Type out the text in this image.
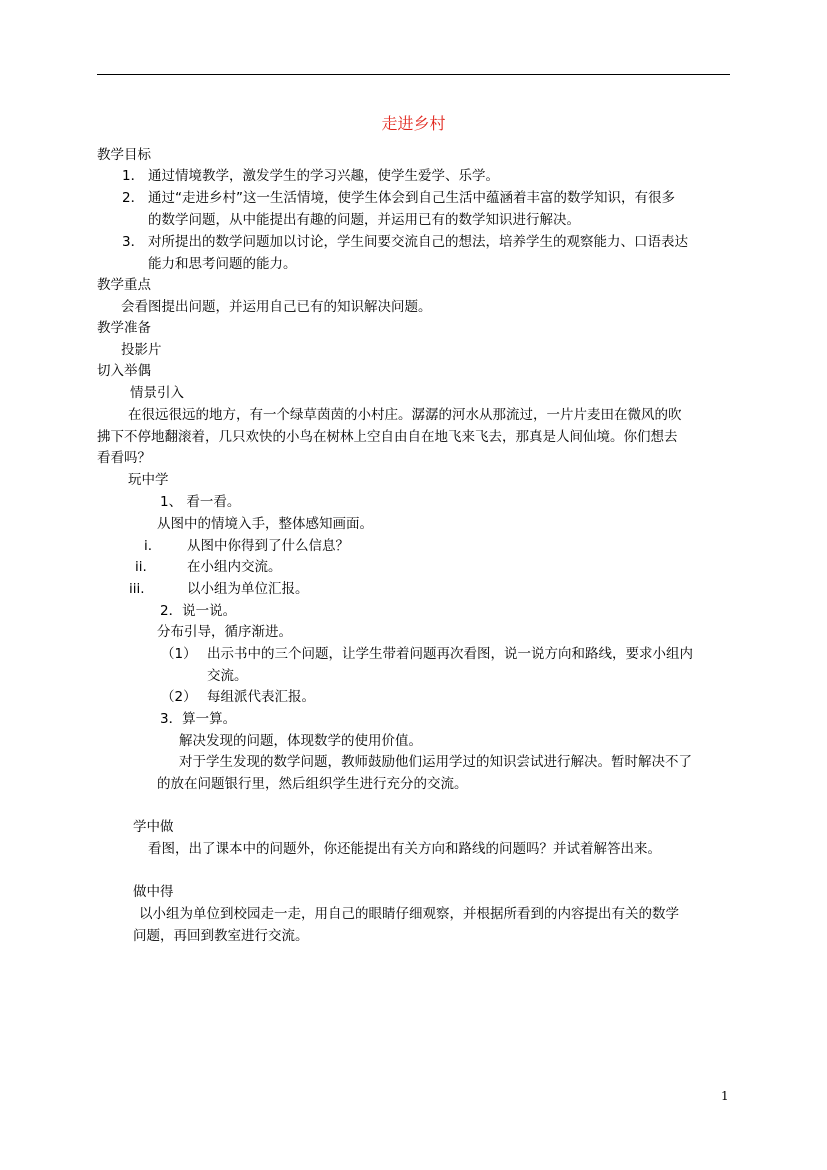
走进乡村
教学目标
1． 通过情境教学，激发学生的学习兴趣，使学生爱学、乐学。
2． 通过“走进乡村”这一生活情境，使学生体会到自己生活中蕴涵着丰富的数学知识，有很多
的数学问题，从中能提出有趣的问题，并运用已有的数学知识进行解决。
3． 对所提出的数学问题加以讨论，学生间要交流自己的想法，培养学生的观察能力、口语表达
能力和思考问题的能力。
教学重点
会看图提出问题，并运用自己已有的知识解决问题。
教学准备
投影片
切入举偶
情景引入
在很远很远的地方，有一个绿草茵茵的小村庄。潺潺的河水从那流过，一片片麦田在微风的吹
拂下不停地翻滚着，几只欢快的小鸟在树林上空自由自在地飞来飞去，那真是人间仙境。你们想去
看看吗？
玩中学
1、 看一看。
从图中的情境入手，整体感知画面。
i.	从图中你得到了什么信息？
ii.	在小组内交流。
iii.	以小组为单位汇报。
2．说一说。
分布引导，循序渐进。
（1） 出示书中的三个问题，让学生带着问题再次看图，说一说方向和路线，要求小组内
交流。
（2） 每组派代表汇报。
3．算一算。
解决发现的问题，体现数学的使用价值。
对于学生发现的数学问题，教师鼓励他们运用学过的知识尝试进行解决。暂时解决不了
的放在问题银行里，然后组织学生进行充分的交流。
学中做
看图，出了课本中的问题外，你还能提出有关方向和路线的问题吗？并试着解答出来。
做中得
以小组为单位到校园走一走，用自己的眼睛仔细观察，并根据所看到的内容提出有关的数学
问题，再回到教室进行交流。
1
